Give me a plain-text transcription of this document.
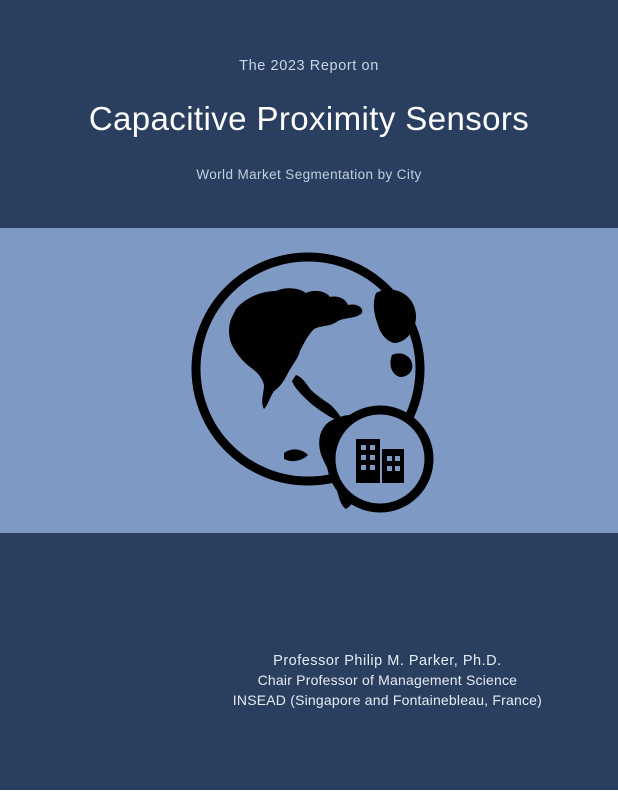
The 2023 Report on
Capacitive Proximity Sensors
World Market Segmentation by City
Professor Philip M. Parker, Ph.D.
Chair Professor of Management Science
INSEAD (Singapore and Fontainebleau, France)
